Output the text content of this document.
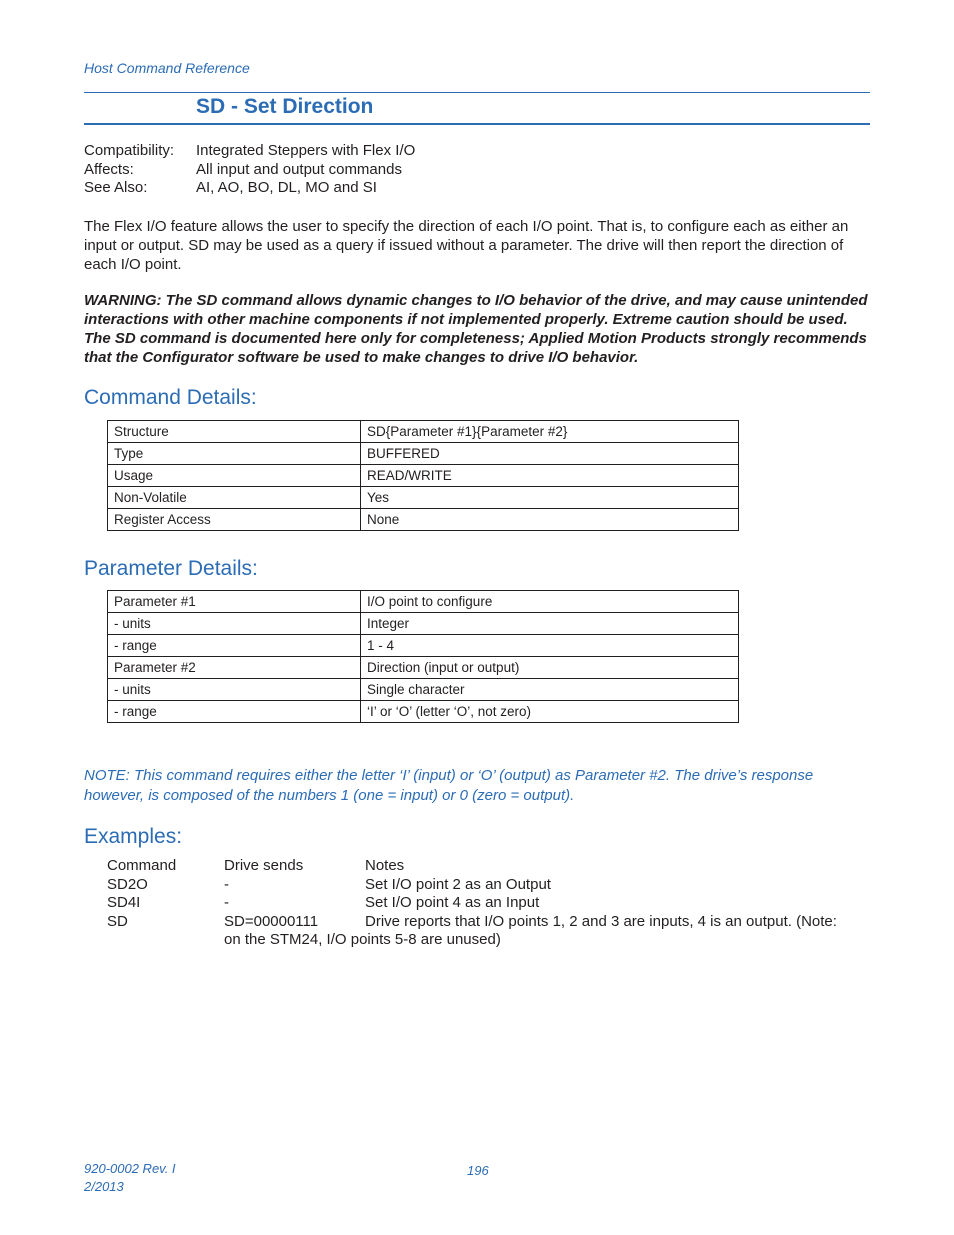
Host Command Reference
SD - Set Direction
Compatibility:	Integrated Steppers with Flex I/O
Affects:	All input and output commands
See Also:	AI, AO, BO, DL, MO and SI
The Flex I/O feature allows the user to specify the direction of each I/O point. That is, to configure each as either an input or output. SD may be used as a query if issued without a parameter. The drive will then report the direction of each I/O point.
WARNING: The SD command allows dynamic changes to I/O behavior of the drive, and may cause unintended interactions with other machine components if not implemented properly. Extreme caution should be used. The SD command is documented here only for completeness; Applied Motion Products strongly recommends that the Configurator software be used to make changes to drive I/O behavior.
Command Details:
Structure	SD{Parameter #1}{Parameter #2}
Type	BUFFERED
Usage	READ/WRITE
Non-Volatile	Yes
Register Access	None
Parameter Details:
Parameter #1	I/O point to configure
- units	Integer
- range	1 - 4
Parameter #2	Direction (input or output)
- units	Single character
- range	‘I’ or ‘O’ (letter ‘O’, not zero)
NOTE: This command requires either the letter ‘I’ (input) or ‘O’ (output) as Parameter #2. The drive’s response however, is composed of the numbers 1 (one = input) or 0 (zero = output).
Examples:
Command	Drive sends	Notes
SD2O	-	Set I/O point 2 as an Output
SD4I	-	Set I/O point 4 as an Input
SD	SD=00000111	Drive reports that I/O points 1, 2 and 3 are inputs, 4 is an output. (Note:
on the STM24, I/O points 5-8 are unused)
920-0002 Rev. I
2/2013
196
